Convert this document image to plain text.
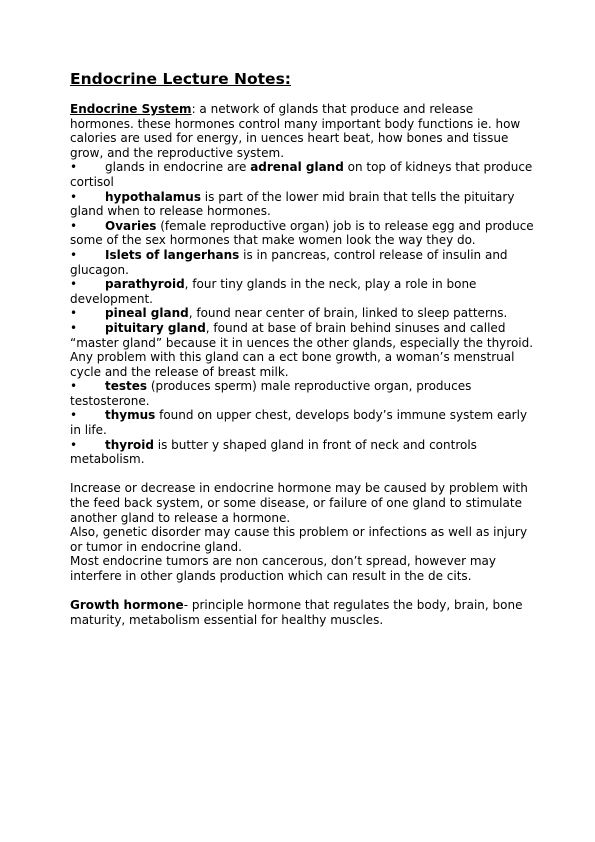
Endocrine Lecture Notes:

Endocrine System: a network of glands that produce and release hormones. these hormones control many important body functions ie. how calories are used for energy, in uences heart beat, how bones and tissue grow, and the reproductive system.

• glands in endocrine are adrenal gland on top of kidneys that produce cortisol

• hypothalamus is part of the lower mid brain that tells the pituitary gland when to release hormones.

• Ovaries (female reproductive organ) job is to release egg and produce some of the sex hormones that make women look the way they do.

• Islets of langerhans is in pancreas, control release of insulin and glucagon.

• parathyroid, four tiny glands in the neck, play a role in bone development.

• pineal gland, found near center of brain, linked to sleep patterns.

• pituitary gland, found at base of brain behind sinuses and called “master gland” because it in uences the other glands, especially the thyroid. Any problem with this gland can a ect bone growth, a woman’s menstrual cycle and the release of breast milk.

• testes (produces sperm) male reproductive organ, produces testosterone.

• thymus found on upper chest, develops body’s immune system early in life.

• thyroid is butter y shaped gland in front of neck and controls metabolism.

Increase or decrease in endocrine hormone may be caused by problem with the feed back system, or some disease, or failure of one gland to stimulate another gland to release a hormone.

Also, genetic disorder may cause this problem or infections as well as injury or tumor in endocrine gland.

Most endocrine tumors are non cancerous, don’t spread, however may interfere in other glands production which can result in the de cits.

Growth hormone- principle hormone that regulates the body, brain, bone maturity, metabolism essential for healthy muscles.
